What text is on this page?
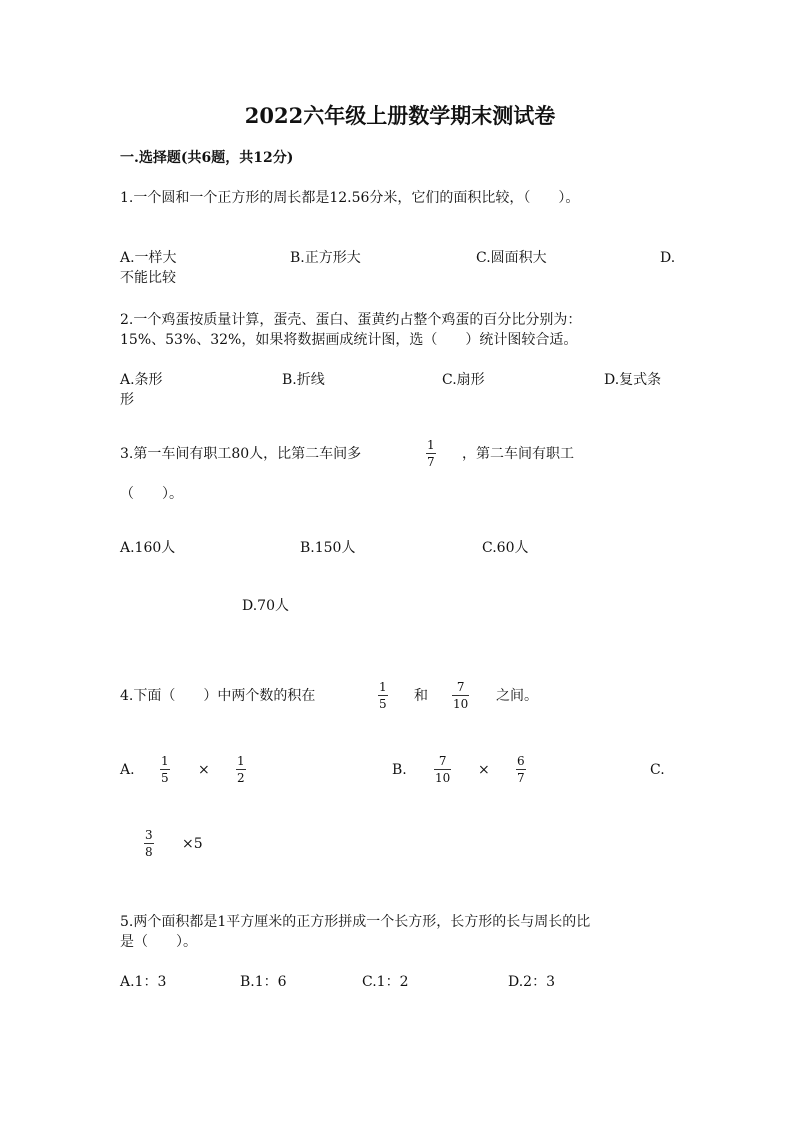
2022六年级上册数学期末测试卷
一.选择题(共6题，共12分)
1.一个圆和一个正方形的周长都是12.56分米，它们的面积比较，（　　）。
A.一样大	B.正方形大	C.圆面积大	D.
不能比较
2.一个鸡蛋按质量计算，蛋壳、蛋白、蛋黄约占整个鸡蛋的百分比分别为：
15%、53%、32%，如果将数据画成统计图，选（　　）统计图较合适。
A.条形	B.折线	C.扇形	D.复式条
形
3.第一车间有职工80人，比第二车间多
1
7 ，第二车间有职工
（　　）。
A.160人	B.150人	C.60人
D.70人
4.下面（　　）中两个数的积在
1
5 和
7
10 之间。
A.
1
5 ×
1
2	B.
7
10 ×
6
7	C.
3
8 ×5
5.两个面积都是1平方厘米的正方形拼成一个长方形，长方形的长与周长的比
是（　　）。
A.1：3	B.1：6	C.1：2	D.2：3
